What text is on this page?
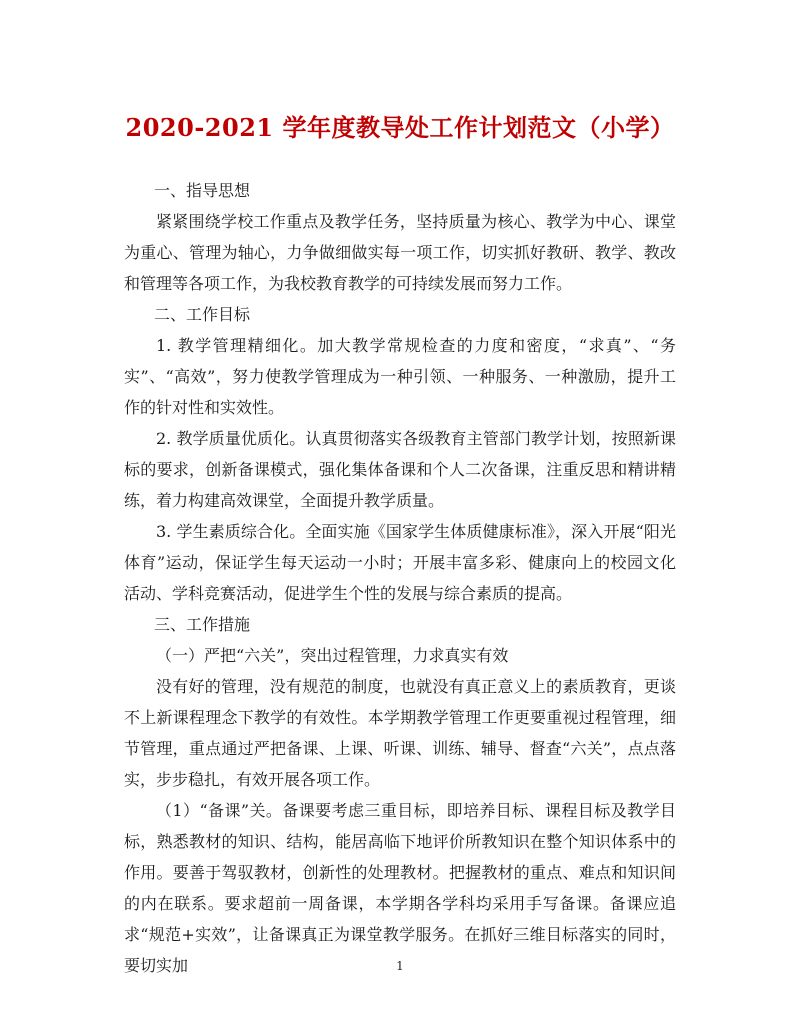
2020-2021 学年度教导处工作计划范文（小学）

一、指导思想

紧紧围绕学校工作重点及教学任务，坚持质量为核心、教学为中心、课堂为重心、管理为轴心，力争做细做实每一项工作，切实抓好教研、教学、教改和管理等各项工作，为我校教育教学的可持续发展而努力工作。

二、工作目标

1. 教学管理精细化。加大教学常规检查的力度和密度，“求真”、“务实”、“高效”，努力使教学管理成为一种引领、一种服务、一种激励，提升工作的针对性和实效性。

2. 教学质量优质化。认真贯彻落实各级教育主管部门教学计划，按照新课标的要求，创新备课模式，强化集体备课和个人二次备课，注重反思和精讲精练，着力构建高效课堂，全面提升教学质量。

3. 学生素质综合化。全面实施《国家学生体质健康标准》，深入开展“阳光体育”运动，保证学生每天运动一小时；开展丰富多彩、健康向上的校园文化活动、学科竞赛活动，促进学生个性的发展与综合素质的提高。

三、工作措施

（一）严把“六关”，突出过程管理，力求真实有效

没有好的管理，没有规范的制度，也就没有真正意义上的素质教育，更谈不上新课程理念下教学的有效性。本学期教学管理工作更要重视过程管理，细节管理，重点通过严把备课、上课、听课、训练、辅导、督查“六关”，点点落实，步步稳扎，有效开展各项工作。

（1）“备课”关。备课要考虑三重目标，即培养目标、课程目标及教学目标，熟悉教材的知识、结构，能居高临下地评价所教知识在整个知识体系中的作用。要善于驾驭教材，创新性的处理教材。把握教材的重点、难点和知识间的内在联系。要求超前一周备课，本学期各学科均采用手写备课。备课应追求“规范+实效”，让备课真正为课堂教学服务。在抓好三维目标落实的同时，要切实加	1
